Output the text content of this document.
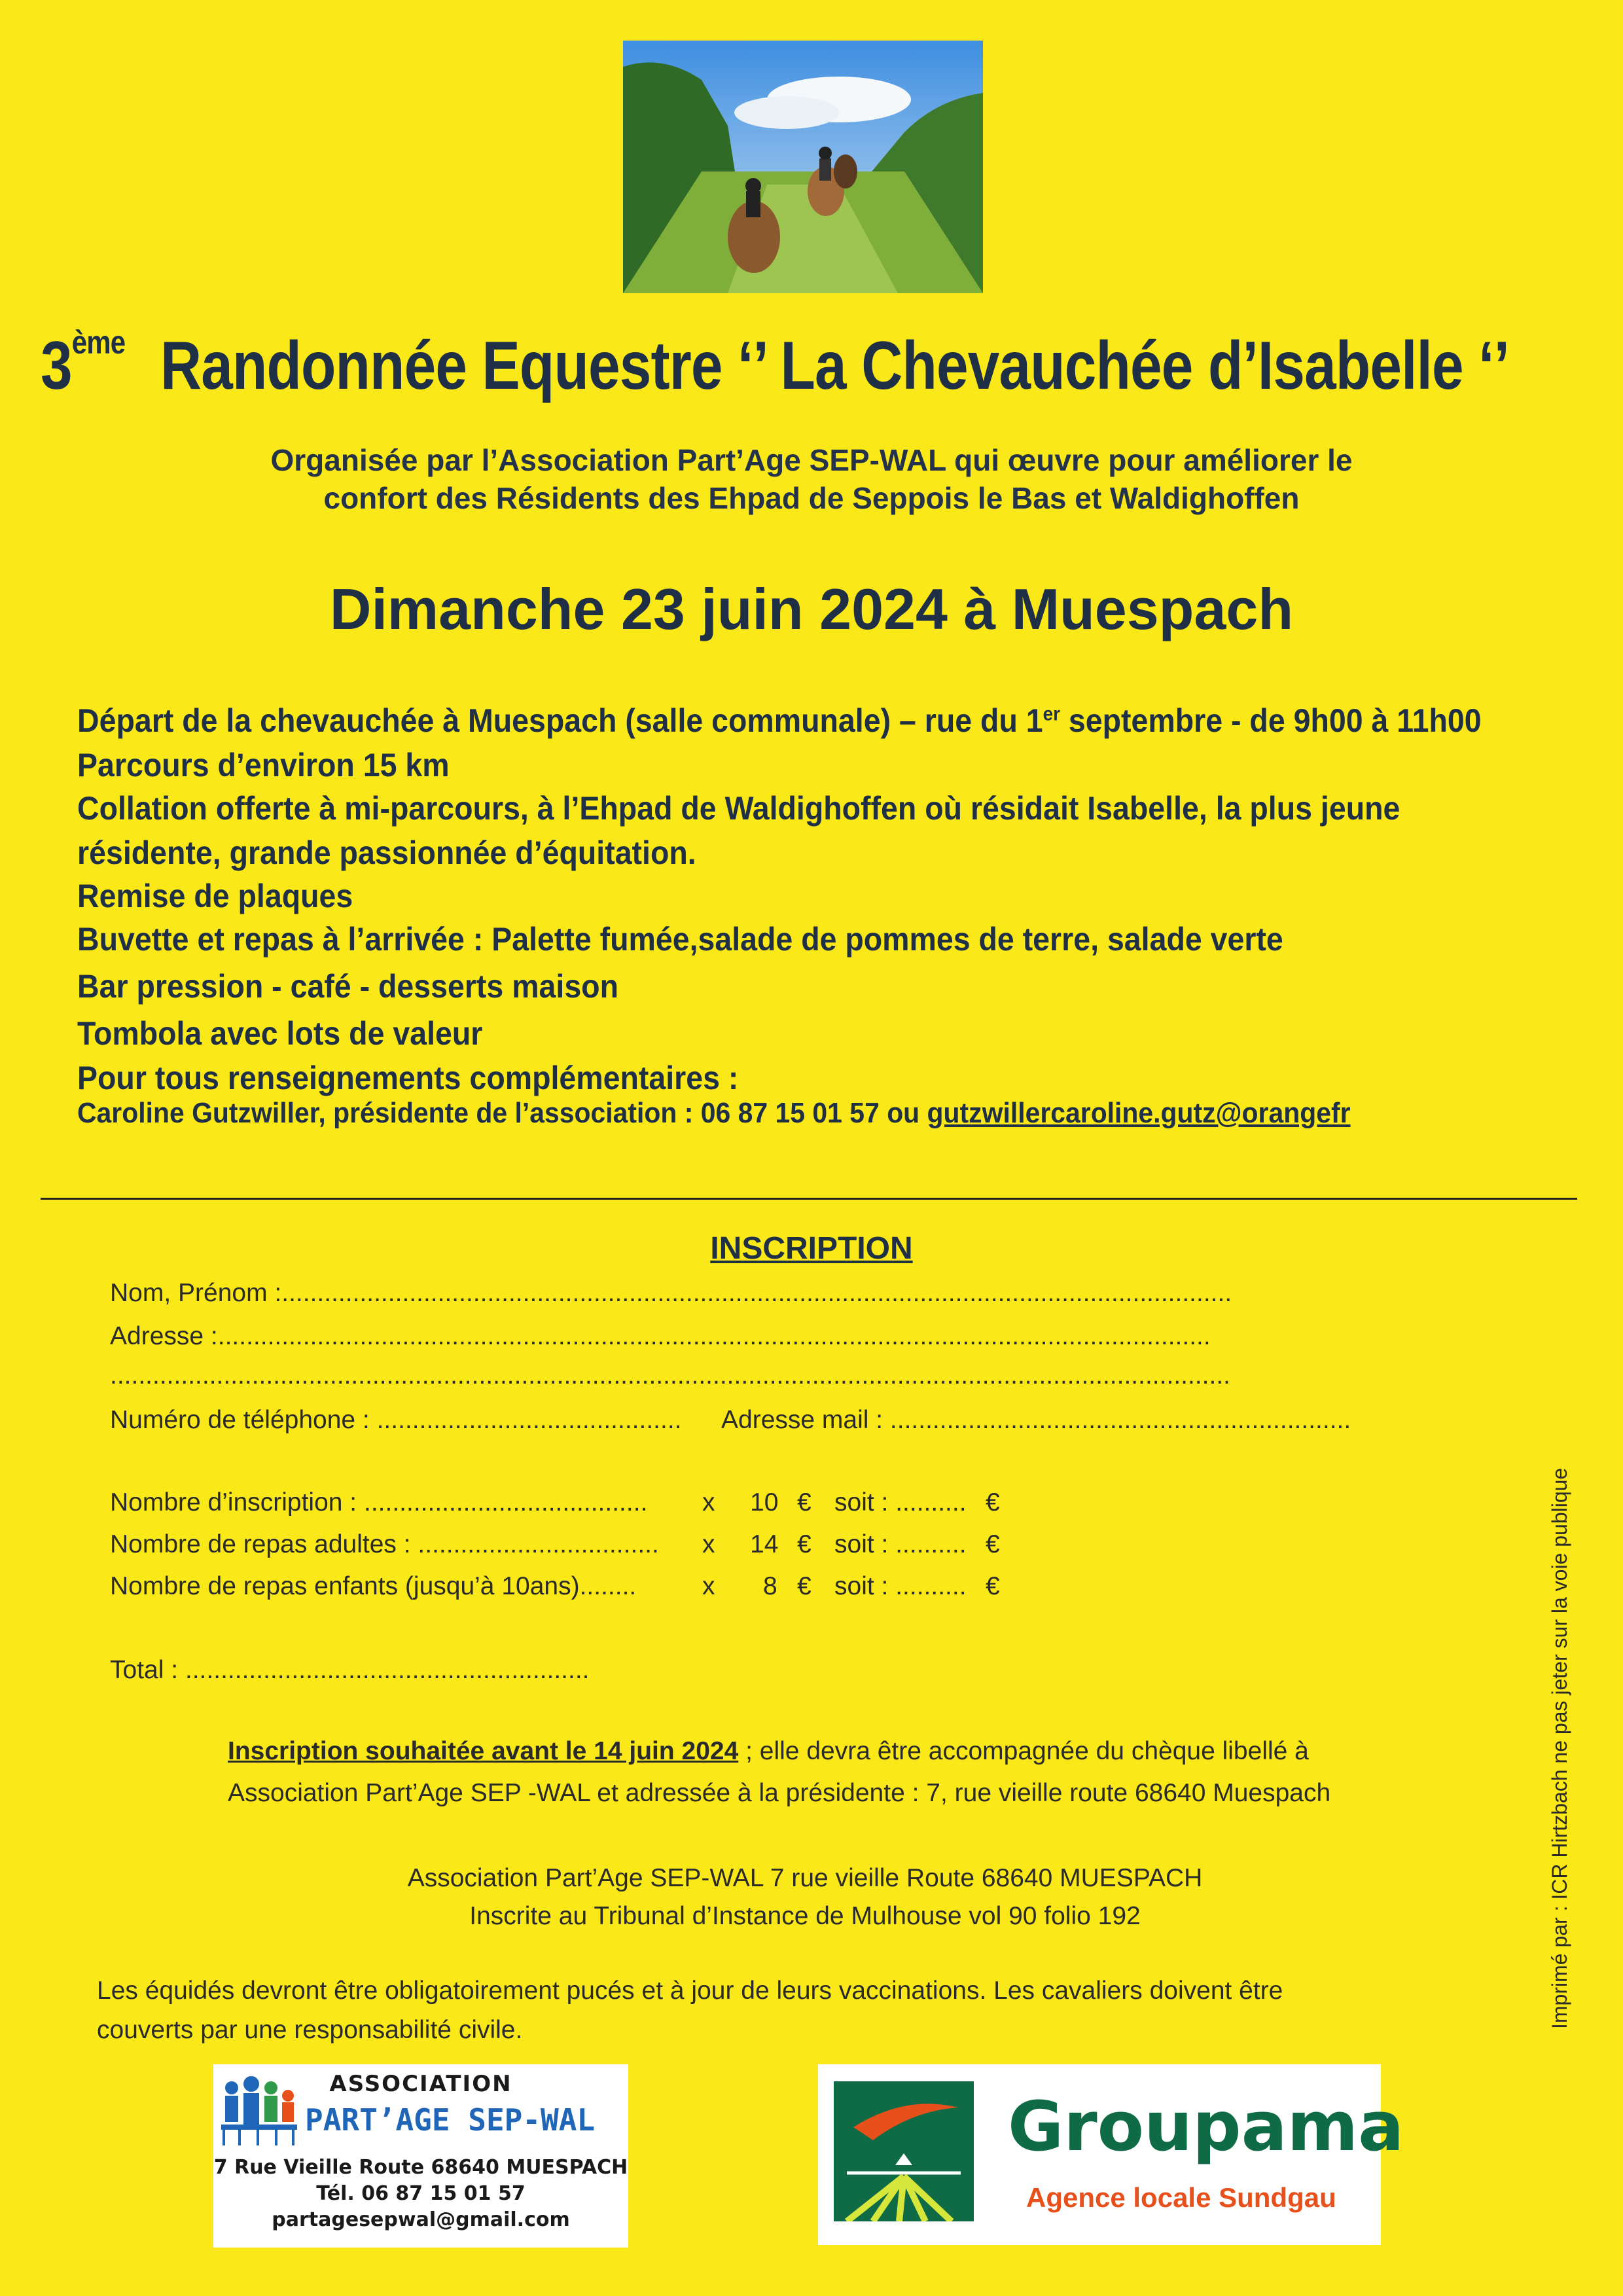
3ème Randonnée Equestre ‘’ La Chevauchée d’Isabelle ‘’
Organisée par l’Association Part’Age SEP-WAL qui œuvre pour améliorer le
confort des Résidents des Ehpad de Seppois le Bas et Waldighoffen
Dimanche 23 juin 2024 à Muespach
Départ de la chevauchée à Muespach (salle communale) – rue du 1er septembre - de 9h00 à 11h00
Parcours d’environ 15 km
Collation offerte à mi-parcours, à l’Ehpad de Waldighoffen où résidait Isabelle, la plus jeune
résidente, grande passionnée d’équitation.
Remise de plaques
Buvette et repas à l’arrivée : Palette fumée,salade de pommes de terre, salade verte
Bar pression - café - desserts maison
Tombola avec lots de valeur
Pour tous renseignements complémentaires :
Caroline Gutzwiller, présidente de l’association : 06 87 15 01 57 ou gutzwillercaroline.gutz@orangefr
INSCRIPTION
Nom, Prénom :......................................................................................................................................
Adresse :............................................................................................................................................
..............................................................................................................................................................
Numéro de téléphone : ........................................... Adresse mail : .................................................................
Nombre d’inscription : ........................................ x 10 € soit : .......... €
Nombre de repas adultes : .................................. x 14 € soit : .......... €
Nombre de repas enfants (jusqu’à 10ans)........	x 8 € soit : .......... €
Total : .........................................................
Inscription souhaitée avant le 14 juin 2024 ; elle devra être accompagnée du chèque libellé à
Association Part’Age SEP -WAL et adressée à la présidente : 7, rue vieille route 68640 Muespach
Association Part’Age SEP-WAL 7 rue vieille Route 68640 MUESPACH
Inscrite au Tribunal d’Instance de Mulhouse vol 90 folio 192
Les équidés devront être obligatoirement pucés et à jour de leurs vaccinations. Les cavaliers doivent être
couverts par une responsabilité civile.
ASSOCIATION
PART’AGE SEP-WAL
7 Rue Vieille Route 68640 MUESPACH
Tél. 06 87 15 01 57
partagesepwal@gmail.com
Groupama
Agence locale Sundgau
Imprimé par : ICR Hirtzbach ne pas jeter sur la voie publique
